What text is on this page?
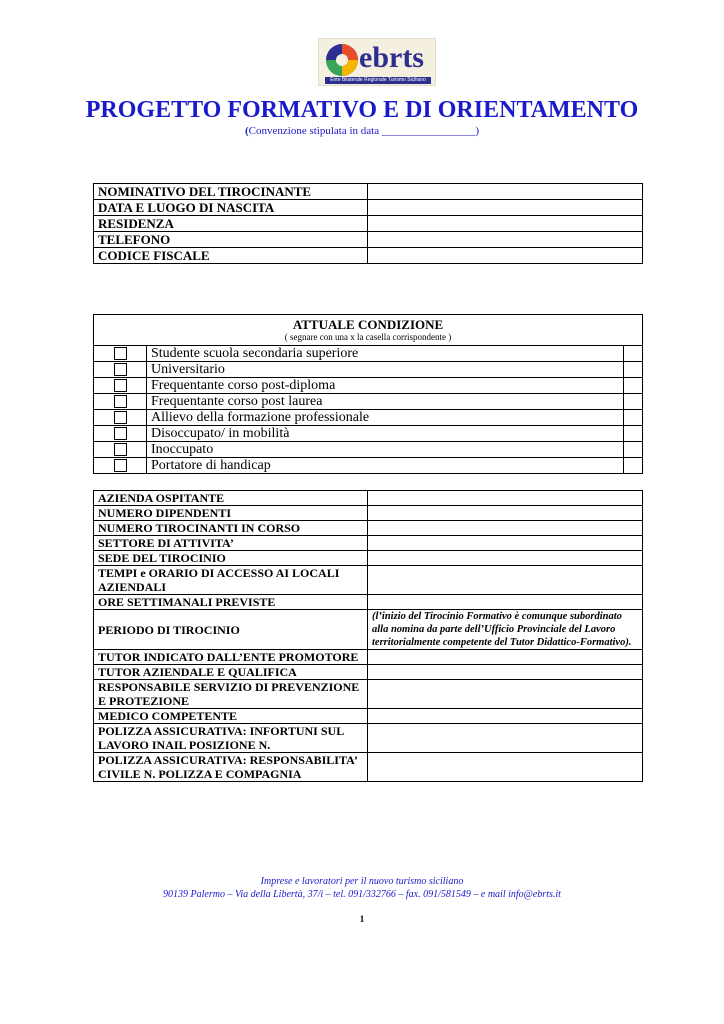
ebrts
Ente Bilaterale Regionale Turismo Siciliano
PROGETTO FORMATIVO E DI ORIENTAMENTO
(Convenzione stipulata in data _________________)
NOMINATIVO DEL TIROCINANTE	
DATA E LUOGO DI NASCITA	
RESIDENZA	
TELEFONO	
CODICE FISCALE	
ATTUALE CONDIZIONE
( segnare con una x la casella corrispondente )		

	Studente scuola secondaria superiore	

	Universitario	

	Frequentante corso post-diploma	

	Frequentante corso post laurea	

	Allievo della formazione professionale	

	Disoccupato/ in mobilità	

	Inoccupato	

	Portatore di handicap	
AZIENDA OSPITANTE	
NUMERO DIPENDENTI	
NUMERO TIROCINANTI IN CORSO	
SETTORE DI ATTIVITA’	
SEDE DEL TIROCINIO	
TEMPI e ORARIO DI ACCESSO AI LOCALI AZIENDALI	
ORE SETTIMANALI PREVISTE	
PERIODO DI TIROCINIO	(l’inizio del Tirocinio Formativo è comunque subordinato alla nomina da parte dell’Ufficio Provinciale del Lavoro territorialmente competente del Tutor Didattico-Formativo).
TUTOR INDICATO DALL’ENTE PROMOTORE	
TUTOR AZIENDALE E QUALIFICA	
RESPONSABILE SERVIZIO DI PREVENZIONE E PROTEZIONE	
MEDICO COMPETENTE	
POLIZZA ASSICURATIVA: INFORTUNI SUL LAVORO INAIL POSIZIONE N.	
POLIZZA ASSICURATIVA: RESPONSABILITA’ CIVILE N. POLIZZA E COMPAGNIA	
Imprese e lavoratori per il nuovo turismo siciliano
90139 Palermo – Via della Libertà, 37/i – tel. 091/332766 – fax. 091/581549 – e mail info@ebrts.it
1
